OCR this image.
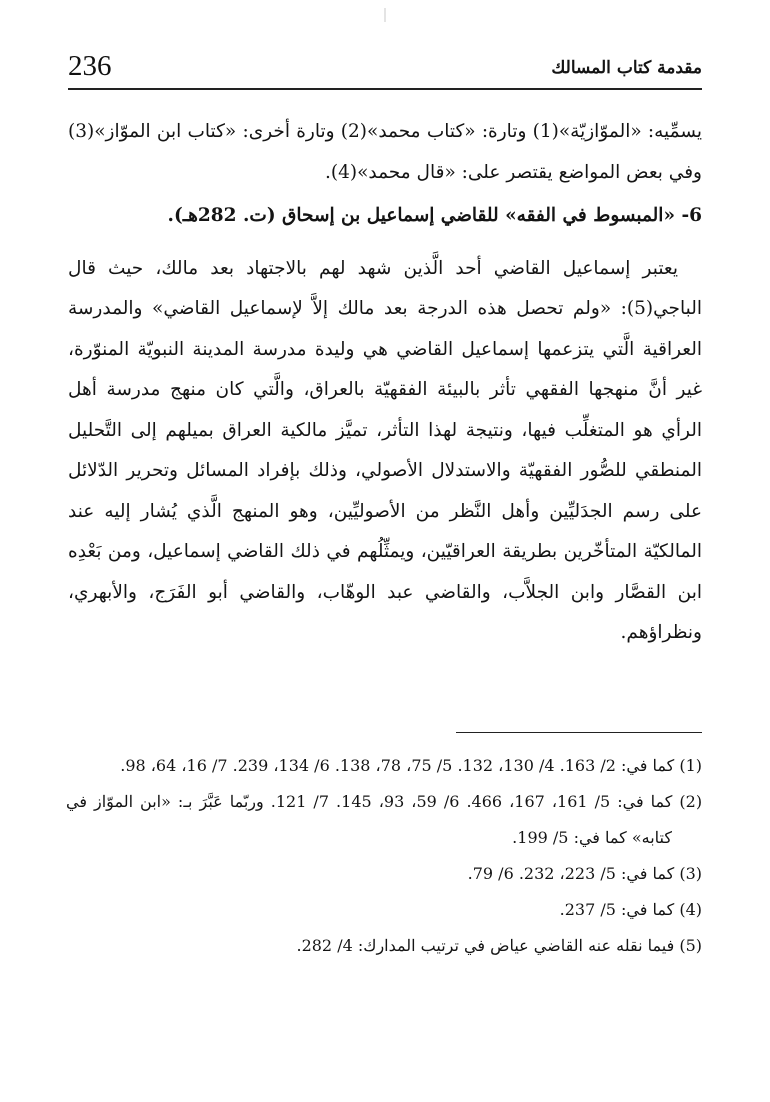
236	مقدمة كتاب المسالك

يسمِّيه: «الموّازيّة»(1) وتارة: «كتاب محمد»(2) وتارة أخرى: «كتاب ابن الموّاز»(3) وفي بعض المواضع يقتصر على: «قال محمد»(4).

6- «المبسوط في الفقه» للقاضي إسماعيل بن إسحاق (ت. 282هـ).

يعتبر إسماعيل القاضي أحد الَّذين شهد لهم بالاجتهاد بعد مالك، حيث قال الباجي(5): «ولم تحصل هذه الدرجة بعد مالك إلاَّ لإسماعيل القاضي» والمدرسة العراقية الَّتي يتزعمها إسماعيل القاضي هي وليدة مدرسة المدينة النبويّة المنوّرة، غير أنَّ منهجها الفقهي تأثر بالبيئة الفقهيّة بالعراق، والَّتي كان منهج مدرسة أهل الرأي هو المتغلِّب فيها، ونتيجة لهذا التأثر، تميَّز مالكية العراق بميلهم إلى التَّحليل المنطقي للصُّور الفقهيّة والاستدلال الأصولي، وذلك بإفراد المسائل وتحرير الدّلائل على رسم الجدَليِّين وأهل النَّظر من الأصوليِّين، وهو المنهج الَّذي يُشار إليه عند المالكيّة المتأخّرين بطريقة العراقيّين، ويمثِّلُهم في ذلك القاضي إسماعيل، ومن بَعْدِه ابن القصَّار وابن الجلاَّب، والقاضي عبد الوهّاب، والقاضي أبو الفَرَج، والأبهري، ونظراؤهم.

(1) كما في: 2/ 163. 4/ 130، 132. 5/ 75، 78، 138. 6/ 134، 239. 7/ 16، 64، 98.

(2) كما في: 5/ 161، 167، 466. 6/ 59، 93، 145. 7/ 121. وربّما عَبَّرَ بـ: «ابن الموّاز في كتابه» كما في: 5/ 199.

(3) كما في: 5/ 223، 232. 6/ 79.

(4) كما في: 5/ 237.

(5) فيما نقله عنه القاضي عياض في ترتيب المدارك: 4/ 282.
